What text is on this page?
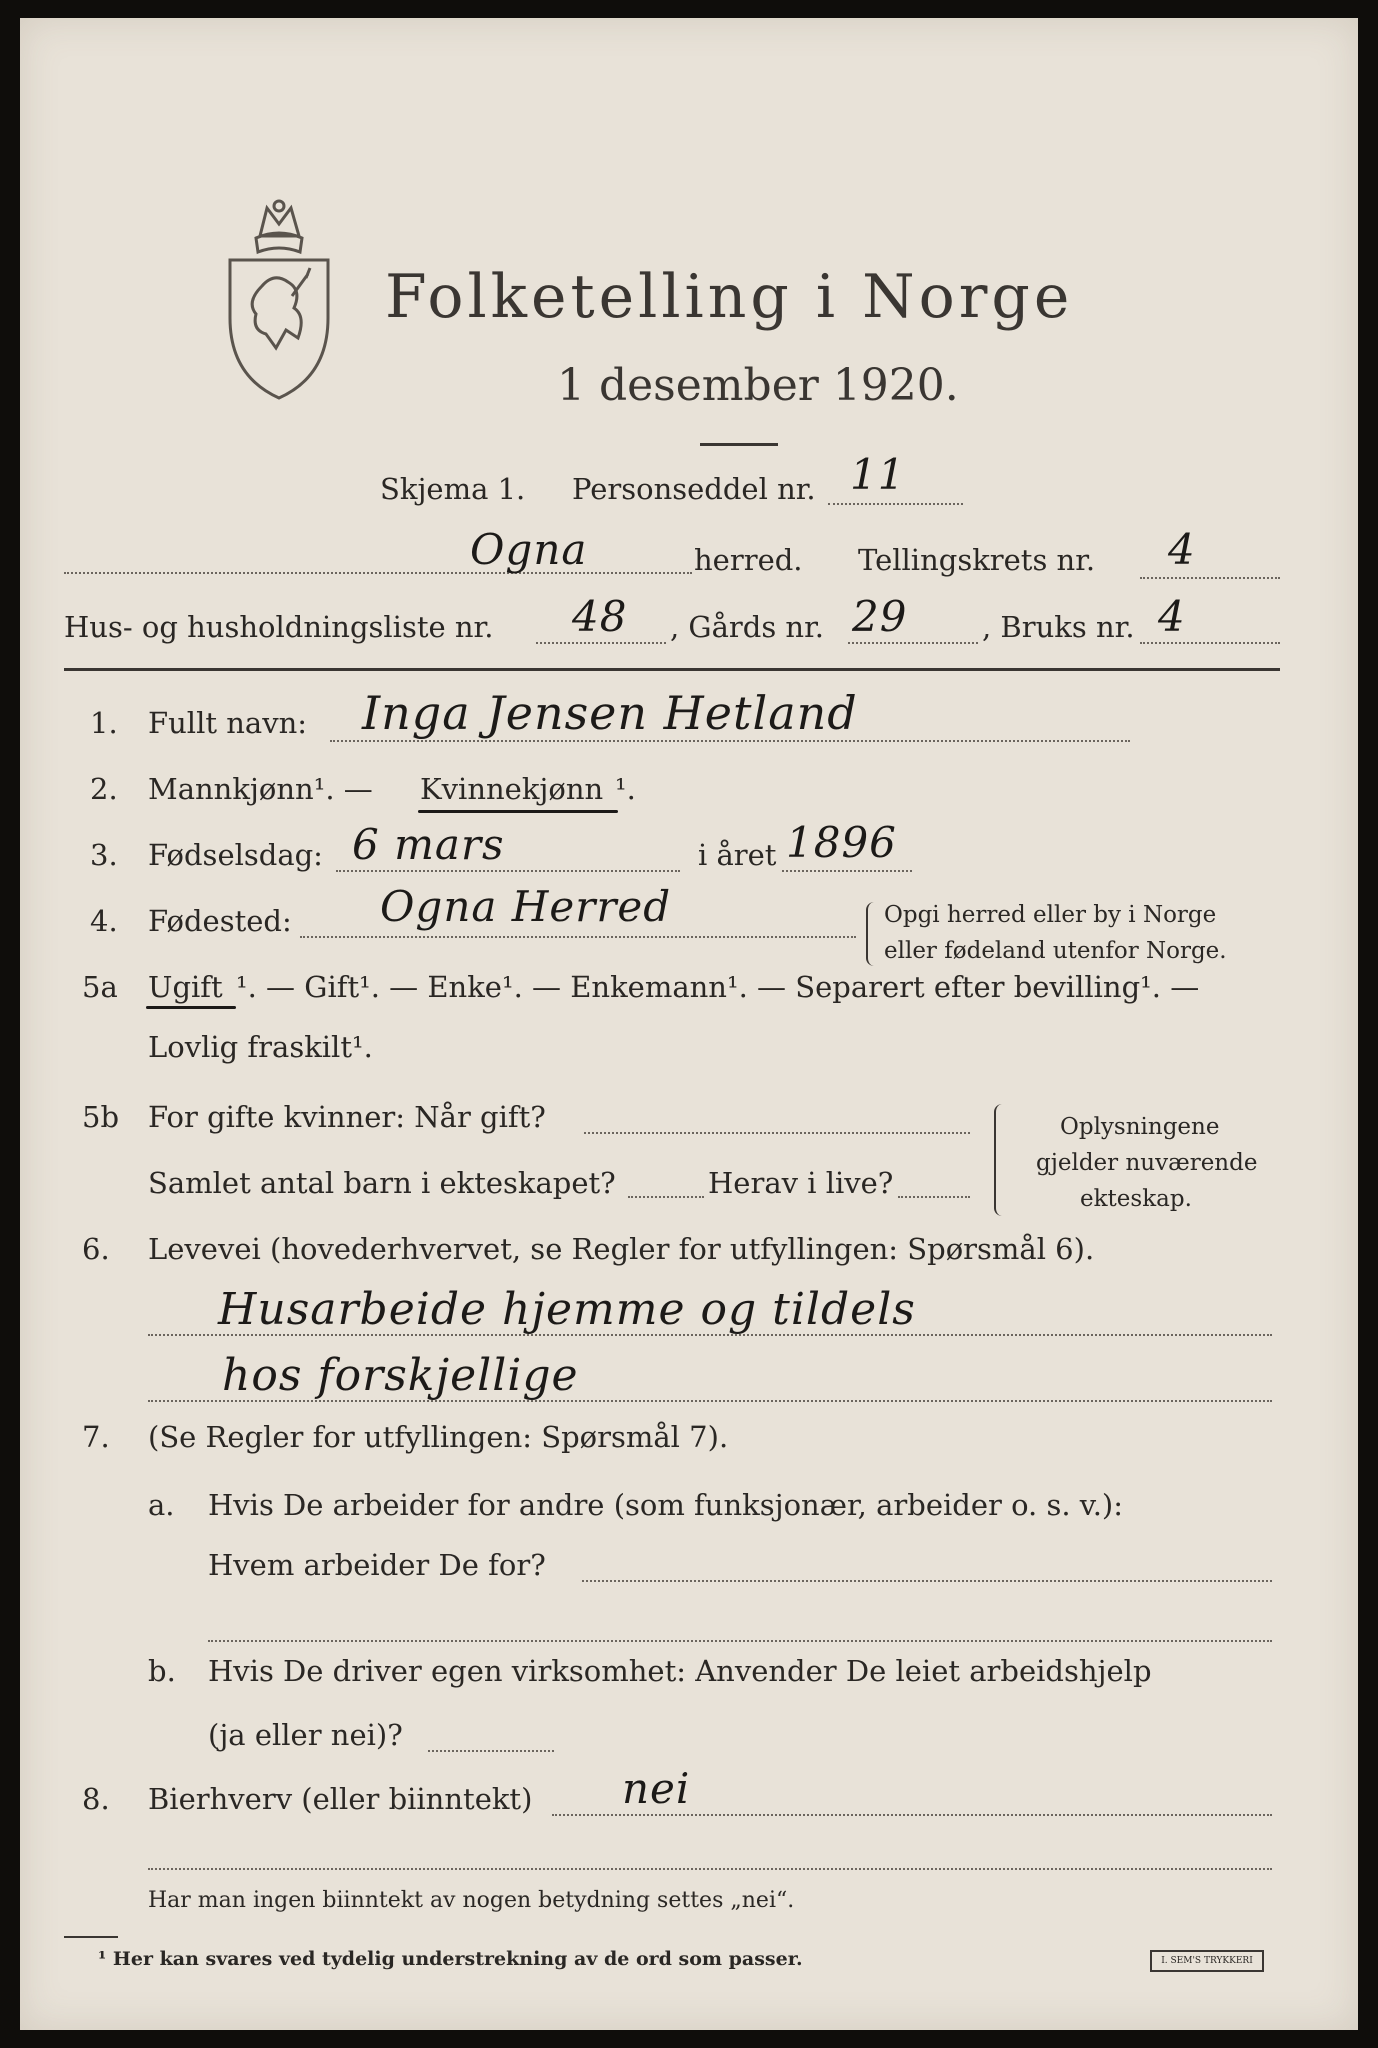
Folketelling i Norge
1 desember 1920.
Skjema 1. Personseddel nr. 11
Ogna	herred. Tellingskrets nr. 4
Hus- og husholdningsliste nr. 48 , Gårds nr. 29	, Bruks nr. 4
1. Fullt navn: Inga Jensen Hetland
2. Mannkjønn¹. — Kvinnekjønn ¹.
3. Fødselsdag: 6 mars	i året 1896
4. Fødested: Ogna Herred	Opgi herred eller by i Norge
eller fødeland utenfor Norge.
5a Ugift ¹. — Gift¹. — Enke¹. — Enkemann¹. — Separert efter bevilling¹. —
Lovlig fraskilt¹.
5b For gifte kvinner: Når gift?
Samlet antal barn i ekteskapet?	Herav i live?
Oplysningene
gjelder nuværende
ekteskap.
6. Levevei (hovederhvervet, se Regler for utfyllingen: Spørsmål 6).
Husarbeide hjemme og tildels
hos forskjellige
7. (Se Regler for utfyllingen: Spørsmål 7).
a. Hvis De arbeider for andre (som funksjonær, arbeider o. s. v.):
Hvem arbeider De for?
b. Hvis De driver egen virksomhet: Anvender De leiet arbeidshjelp
(ja eller nei)?
8. Bierhverv (eller biinntekt) nei
Har man ingen biinntekt av nogen betydning settes „nei“.
¹ Her kan svares ved tydelig understrekning av de ord som passer.	I. SEM'S TRYKKERI
